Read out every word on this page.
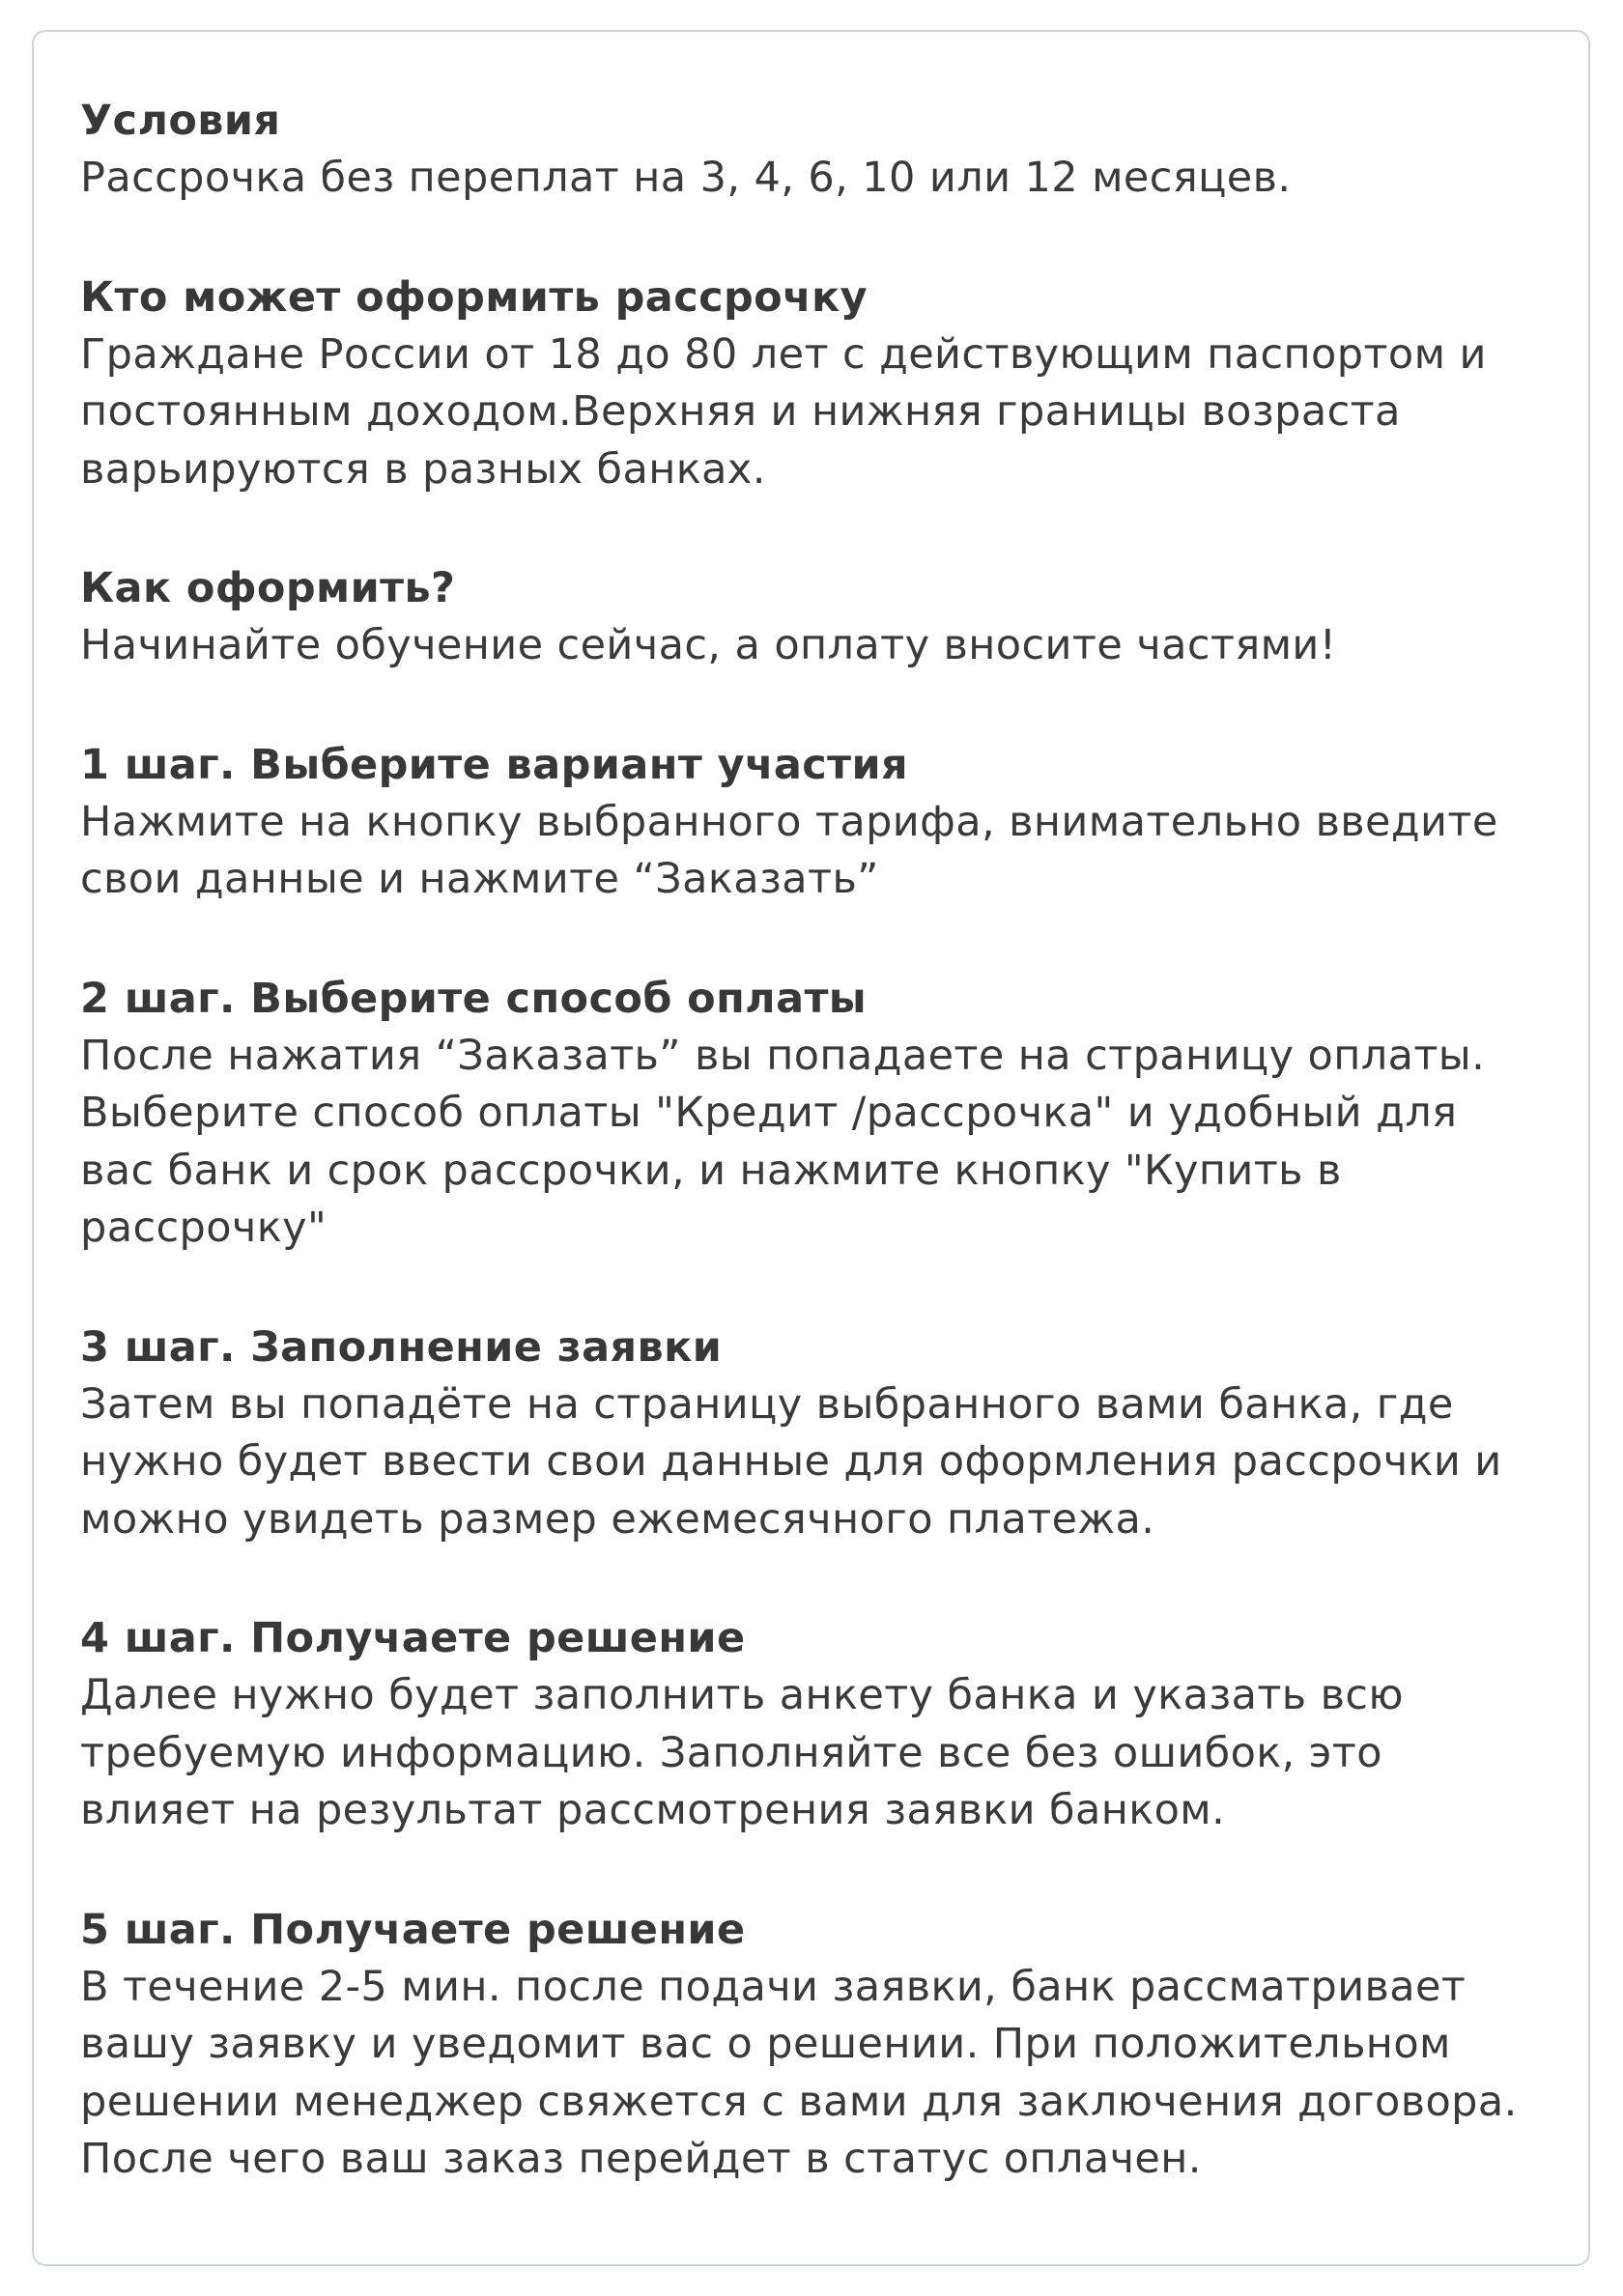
Условия

Рассрочка без переплат на 3, 4, 6, 10 или 12 месяцев.

Кто может оформить рассрочку

Граждане России от 18 до 80 лет с действующим паспортом и
постоянным доходом.Верхняя и нижняя границы возраста
варьируются в разных банках.

Как оформить?

Начинайте обучение сейчас, а оплату вносите частями!

1 шаг. Выберите вариант участия

Нажмите на кнопку выбранного тарифа, внимательно введите
свои данные и нажмите “Заказать”

2 шаг. Выберите способ оплаты

После нажатия “Заказать” вы попадаете на страницу оплаты.
Выберите способ оплаты "Кредит /рассрочка" и удобный для
вас банк и срок рассрочки, и нажмите кнопку "Купить в
рассрочку"

3 шаг. Заполнение заявки

Затем вы попадёте на страницу выбранного вами банка, где
нужно будет ввести свои данные для оформления рассрочки и
можно увидеть размер ежемесячного платежа.

4 шаг. Получаете решение

Далее нужно будет заполнить анкету банка и указать всю
требуемую информацию. Заполняйте все без ошибок, это
влияет на результат рассмотрения заявки банком.

5 шаг. Получаете решение

В течение 2-5 мин. после подачи заявки, банк рассматривает
вашу заявку и уведомит вас о решении. При положительном
решении менеджер свяжется с вами для заключения договора.
После чего ваш заказ перейдет в статус оплачен.
